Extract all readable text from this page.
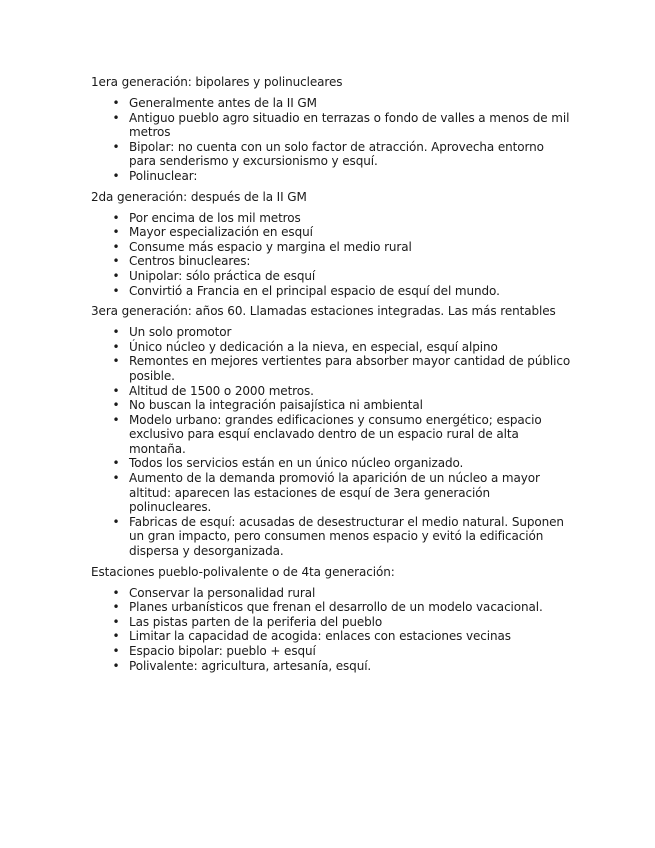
1era generación: bipolares y polinucleares

• Generalmente antes de la II GM
• Antiguo pueblo agro situadio en terrazas o fondo de valles a menos de mil metros
• Bipolar: no cuenta con un solo factor de atracción. Aprovecha entorno para senderismo y excursionismo y esquí.
• Polinuclear:

2da generación: después de la II GM

• Por encima de los mil metros
• Mayor especialización en esquí
• Consume más espacio y margina el medio rural
• Centros binucleares:
• Unipolar: sólo práctica de esquí
• Convirtió a Francia en el principal espacio de esquí del mundo.

3era generación: años 60. Llamadas estaciones integradas. Las más rentables

• Un solo promotor
• Único núcleo y dedicación a la nieva, en especial, esquí alpino
• Remontes en mejores vertientes para absorber mayor cantidad de público posible.
• Altitud de 1500 o 2000 metros.
• No buscan la integración paisajística ni ambiental
• Modelo urbano: grandes edificaciones y consumo energético; espacio exclusivo para esquí enclavado dentro de un espacio rural de alta montaña.
• Todos los servicios están en un único núcleo organizado.
• Aumento de la demanda promovió la aparición de un núcleo a mayor altitud: aparecen las estaciones de esquí de 3era generación polinucleares.
• Fabricas de esquí: acusadas de desestructurar el medio natural. Suponen un gran impacto, pero consumen menos espacio y evitó la edificación dispersa y desorganizada.

Estaciones pueblo-polivalente o de 4ta generación:

• Conservar la personalidad rural
• Planes urbanísticos que frenan el desarrollo de un modelo vacacional.
• Las pistas parten de la periferia del pueblo
• Limitar la capacidad de acogida: enlaces con estaciones vecinas
• Espacio bipolar: pueblo + esquí
• Polivalente: agricultura, artesanía, esquí.
